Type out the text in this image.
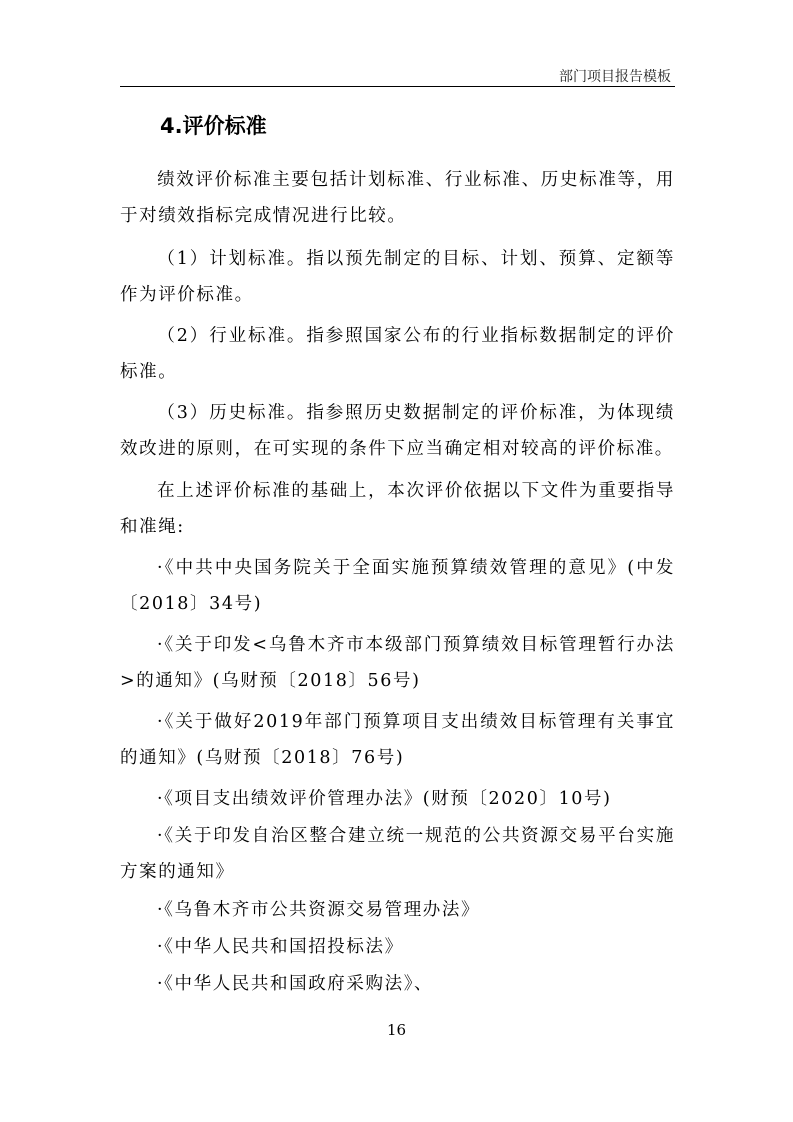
部门项目报告模板
4.评价标准

绩效评价标准主要包括计划标准、行业标准、历史标准等，用于对绩效指标完成情况进行比较。

（1）计划标准。指以预先制定的目标、计划、预算、定额等作为评价标准。

（2）行业标准。指参照国家公布的行业指标数据制定的评价标准。

（3）历史标准。指参照历史数据制定的评价标准，为体现绩效改进的原则，在可实现的条件下应当确定相对较高的评价标准。

在上述评价标准的基础上，本次评价依据以下文件为重要指导和准绳:

·《中共中央国务院关于全面实施预算绩效管理的意见》(中发〔2018〕34号)

·《关于印发<乌鲁木齐市本级部门预算绩效目标管理暂行办法>的通知》(乌财预〔2018〕56号)

·《关于做好2019年部门预算项目支出绩效目标管理有关事宜的通知》(乌财预〔2018〕76号)

·《项目支出绩效评价管理办法》(财预〔2020〕10号)

·《关于印发自治区整合建立统一规范的公共资源交易平台实施方案的通知》

·《乌鲁木齐市公共资源交易管理办法》

·《中华人民共和国招投标法》

·《中华人民共和国政府采购法》、

16
